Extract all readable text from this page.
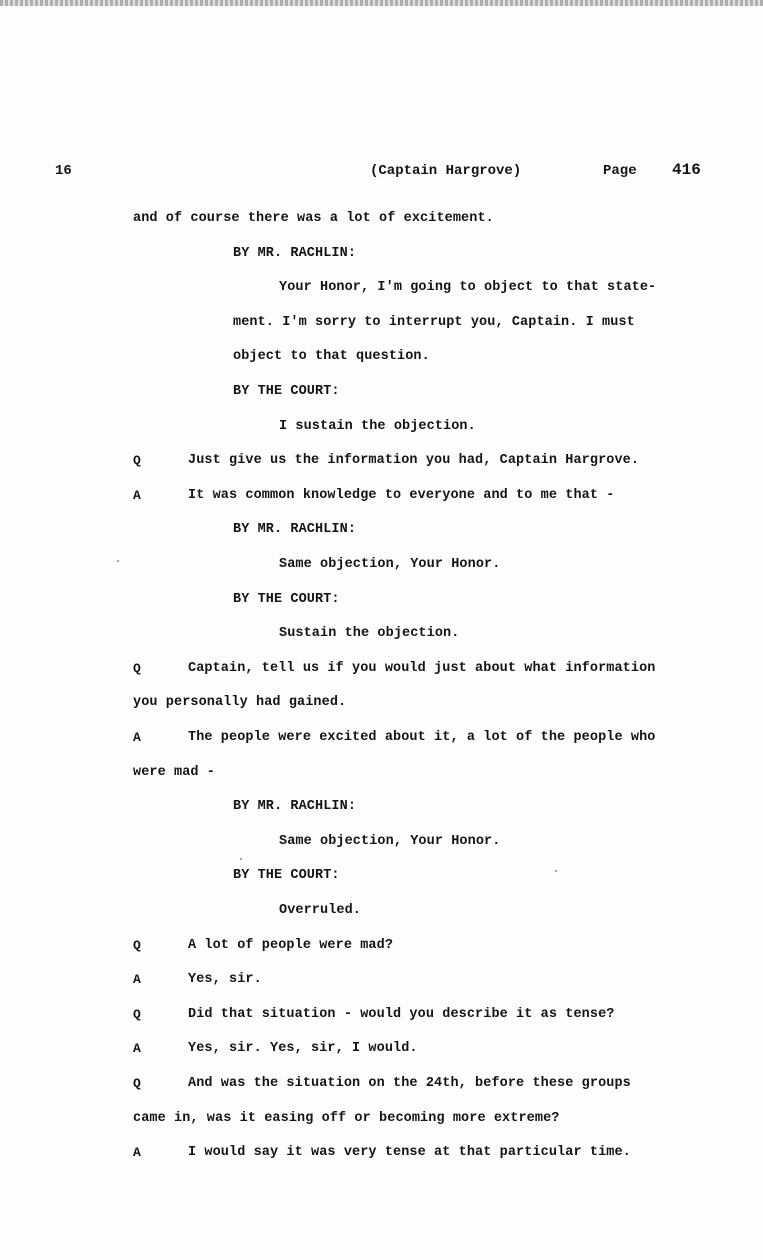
16	(Captain Hargrove)	Page 416
and of course there was a lot of excitement.
BY MR. RACHLIN:
Your Honor, I'm going to object to that state-
ment. I'm sorry to interrupt you, Captain. I must
object to that question.
BY THE COURT:
I sustain the objection.
Q	Just give us the information you had, Captain Hargrove.
A	It was common knowledge to everyone and to me that -
BY MR. RACHLIN:
Same objection, Your Honor.
BY THE COURT:
Sustain the objection.
Q	Captain, tell us if you would just about what information
you personally had gained.
A	The people were excited about it, a lot of the people who
were mad -
BY MR. RACHLIN:
Same objection, Your Honor.
BY THE COURT:
Overruled.
Q	A lot of people were mad?
A	Yes, sir.
Q	Did that situation - would you describe it as tense?
A	Yes, sir. Yes, sir, I would.
Q	And was the situation on the 24th, before these groups
came in, was it easing off or becoming more extreme?
A	I would say it was very tense at that particular time.
